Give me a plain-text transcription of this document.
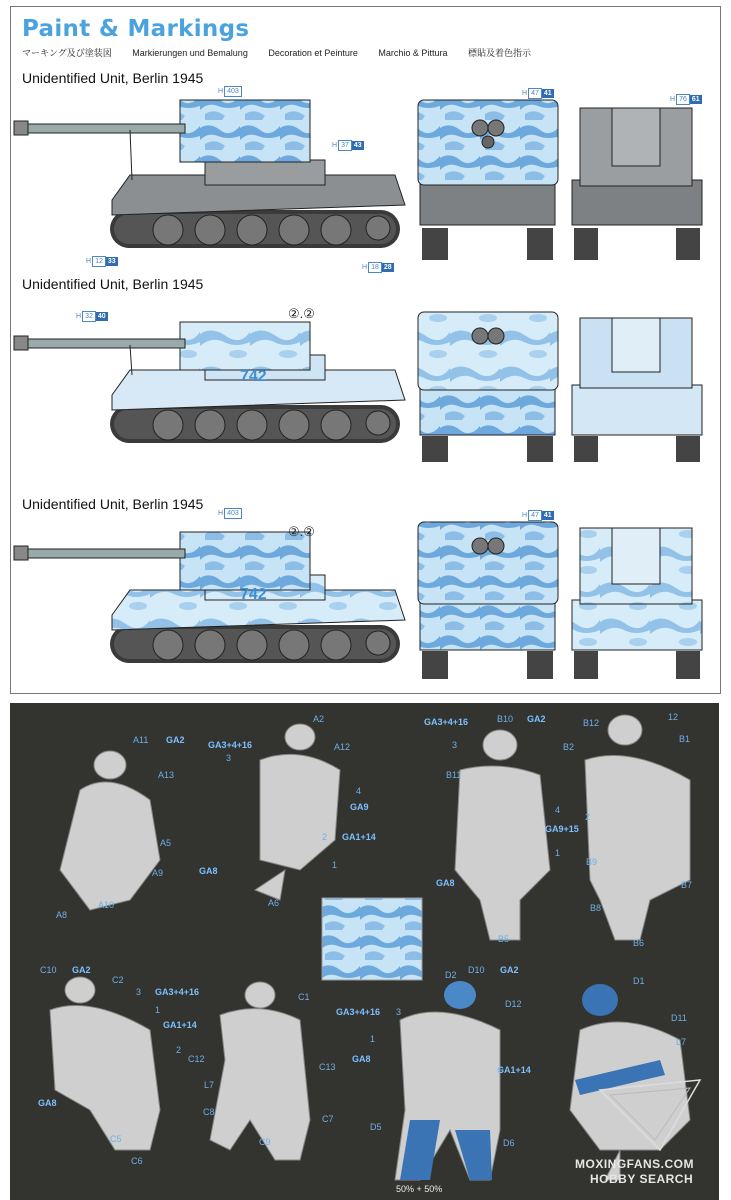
Paint & Markings
マーキング及び塗装図 Markierungen und Bemalung Decoration et Peinture Marchio & Pittura 標貼及着色指示
Unidentified Unit, Berlin 1945
Unidentified Unit, Berlin 1945
Unidentified Unit, Berlin 1945
742
②.②
742
②.②
H 403
H 37 43
H 12 33
H 18 28
H 47 41
H 76 61
H 32 40
H 403	H 47 41
A11 GA2
A13
A5
A9
A8
A10
A2
A12
GA3+4+16
3
4
GA9
2 GA1+14
1
GA8
A6
GA3+4+16	B10 GA2
3
B11
4
GA9+15
1
GA8
B5
B12
12
B1
B2
2
B9
B7
B8
B6
C10 GA2
C2
3 GA3+4+16
1
GA1+14
2
GA8
C5
C6
C1
C12
C13
L7
C8
C9
C7
D2 D10 GA2
D12
GA3+4+16 3
1
GA8
GA1+14
D5
D6
D1
D11
L7
50% + 50%
MOXINGFANS.COM
HOBBY SEARCH
